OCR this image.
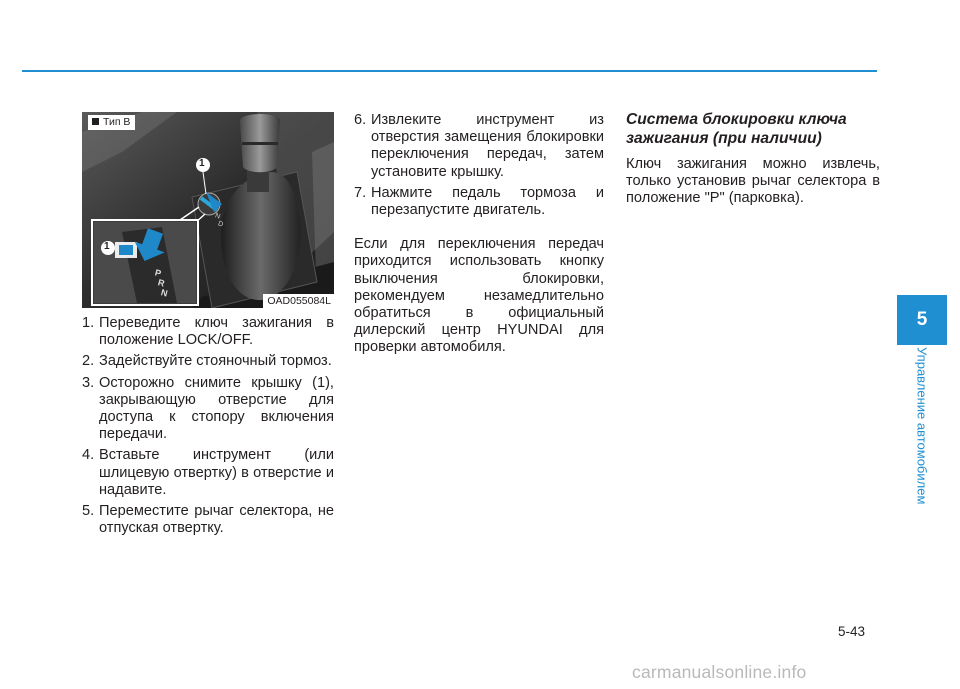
1
1
P
R
N
N
D
Тип B
OAD055084L
1. Переведите ключ зажигания в положение LOCK/OFF.
2. Задействуйте стояночный тормоз.
3. Осторожно снимите крышку (1), закрывающую отверстие для доступа к стопору включения передачи.
4. Вставьте инструмент (или шлицевую отвертку) в отверстие и надавите.
5. Переместите рычаг селектора, не отпуская отвертку.
6. Извлеките инструмент из отверстия замещения блокировки переключения передач, затем установите крышку.
7. Нажмите педаль тормоза и перезапустите двигатель.

Если для переключения передач приходится использовать кнопку выключения блокировки, рекомендуем незамедлительно обратиться в официальный дилерский центр HYUNDAI для проверки автомобиля.

Система блокировки ключа зажигания (при наличии)

Ключ зажигания можно извлечь, только установив рычаг селектора в положение "P" (парковка).

5
Управление автомобилем
5-43
carmanualsonline.info
